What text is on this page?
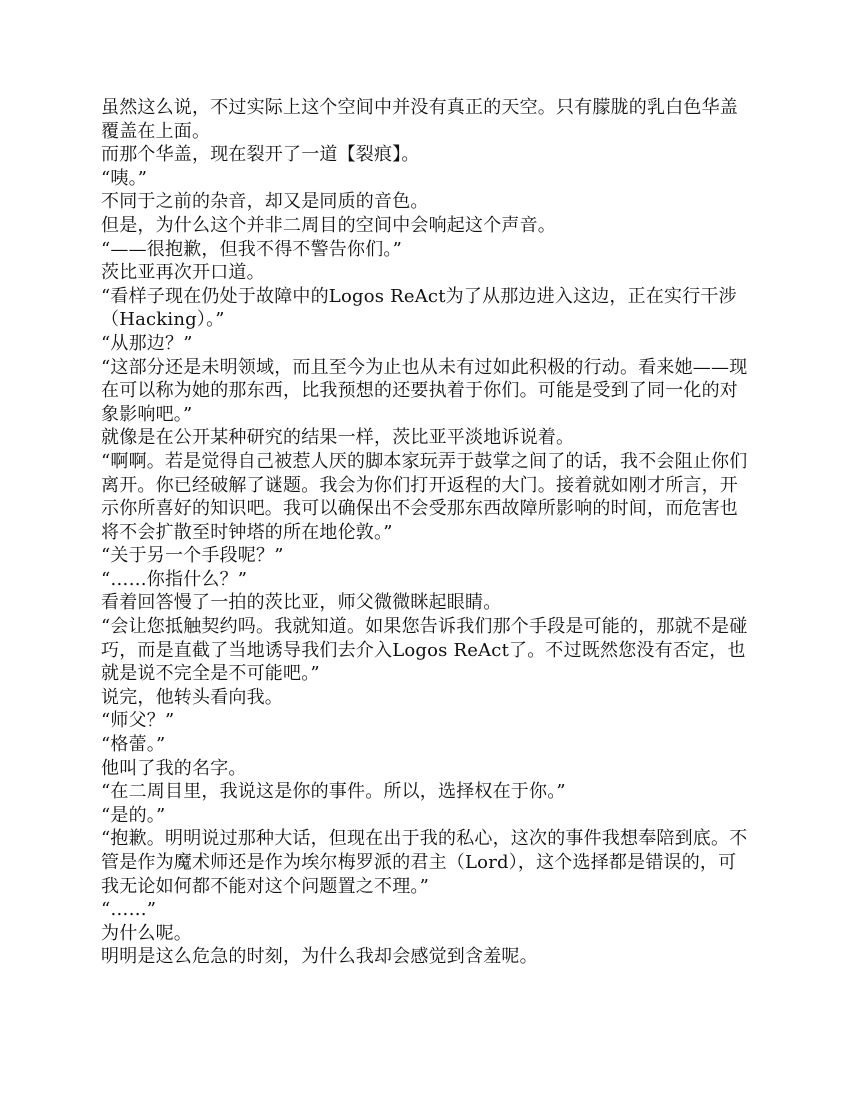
虽然这么说，不过实际上这个空间中并没有真正的天空。只有朦胧的乳白色华盖覆盖在上面。

而那个华盖，现在裂开了一道【裂痕】。

“咦。”

不同于之前的杂音，却又是同质的音色。

但是，为什么这个并非二周目的空间中会响起这个声音。

“——很抱歉，但我不得不警告你们。”

茨比亚再次开口道。

“看样子现在仍处于故障中的Logos ReAct为了从那边进入这边，正在实行干涉（Hacking）。”

“从那边？”

“这部分还是未明领域，而且至今为止也从未有过如此积极的行动。看来她——现在可以称为她的那东西，比我预想的还要执着于你们。可能是受到了同一化的对象影响吧。”

就像是在公开某种研究的结果一样，茨比亚平淡地诉说着。

“啊啊。若是觉得自己被惹人厌的脚本家玩弄于鼓掌之间了的话，我不会阻止你们离开。你已经破解了谜题。我会为你们打开返程的大门。接着就如刚才所言，开示你所喜好的知识吧。我可以确保出不会受那东西故障所影响的时间，而危害也将不会扩散至时钟塔的所在地伦敦。”

“关于另一个手段呢？”

“……你指什么？”

看着回答慢了一拍的茨比亚，师父微微眯起眼睛。

“会让您抵触契约吗。我就知道。如果您告诉我们那个手段是可能的，那就不是碰巧，而是直截了当地诱导我们去介入Logos ReAct了。不过既然您没有否定，也就是说不完全是不可能吧。”

说完，他转头看向我。

“师父？”

“格蕾。”

他叫了我的名字。

“在二周目里，我说这是你的事件。所以，选择权在于你。”

“是的。”

“抱歉。明明说过那种大话，但现在出于我的私心，这次的事件我想奉陪到底。不管是作为魔术师还是作为埃尔梅罗派的君主（Lord），这个选择都是错误的，可我无论如何都不能对这个问题置之不理。”

“……”

为什么呢。

明明是这么危急的时刻，为什么我却会感觉到含羞呢。
